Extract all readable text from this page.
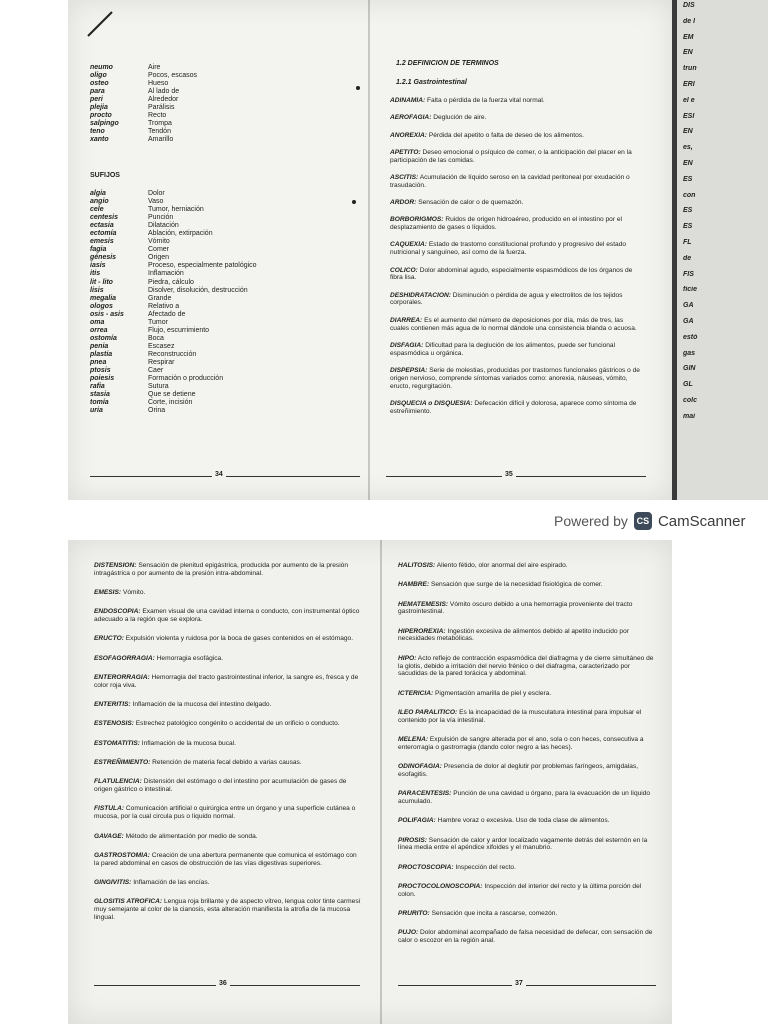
neumo
oligo
osteo
para
peri
plejia
procto
salpingo
teno
xanto
Aire
Pocos, escasos
Hueso
Al lado de
Alrededor
Parálisis
Recto
Trompa
Tendón
Amarillo
SUFIJOS
algia
angio
cele
centesis
ectasia
ectomía
emesis
fagia
génesis
iasis
itis
lit - lito
lisis
megalia
ologos
osis - asis
oma
orrea
ostomía
penia
plastia
pnea
ptosis
poiesis
rafia
stasia
tomía
uria
Dolor
Vaso
Tumor, herniación
Punción
Dilatación
Ablación, extirpación
Vómito
Comer
Origen
Proceso, especialmente patológico
Inflamación
Piedra, cálculo
Disolver, disolución, destrucción
Grande
Relativo a
Afectado de
Tumor
Flujo, escurrimiento
Boca
Escasez
Reconstrucción
Respirar
Caer
Formación o producción
Sutura
Que se detiene
Corte, incisión
Orina
34
1.2 DEFINICION DE TERMINOS
1.2.1 Gastrointestinal
ADINAMIA: Falta o pérdida de la fuerza vital normal.
AEROFAGIA: Deglución de aire.
ANOREXIA: Pérdida del apetito o falta de deseo de los alimentos.
APETITO: Deseo emocional o psíquico de comer, o la anticipación del placer en la participación de las comidas.
ASCITIS: Acumulación de líquido seroso en la cavidad peritoneal por exudación o trasudación.
ARDOR: Sensación de calor o de quemazón.
BORBORIGMOS: Ruidos de origen hidroaéreo, producido en el intestino por el desplazamiento de gases o líquidos.
CAQUEXIA: Estado de trastorno constitucional profundo y progresivo del estado nutricional y sanguíneo, así como de la fuerza.
COLICO: Dolor abdominal agudo, especialmente espasmódicos de los órganos de fibra lisa.
DESHIDRATACION: Disminución o pérdida de agua y electrolitos de los tejidos corporales.
DIARREA: Es el aumento del número de deposiciones por día, más de tres, las cuales contienen más agua de lo normal dándole una consistencia blanda o acuosa.
DISFAGIA: Dificultad para la deglución de los alimentos, puede ser funcional espasmódica u orgánica.
DISPEPSIA: Serie de molestias, producidas por trastornos funcionales gástricos o de origen nervioso, comprende síntomas variados como: anorexia, náuseas, vómito, eructo, regurgitación.
DISQUECIA o DISQUESIA: Defecación difícil y dolorosa, aparece como síntoma de estreñimiento.
35
DIS
de l
EM
EN
trun
ERI
el e
ESI
EN
es,
EN
ES
con
ES
ES
FL
de
FIS
ficie
GA
GA
estó
gas
GIN
GL
colc
mai
Powered by CS CamScanner
DISTENSION: Sensación de plenitud epigástrica, producida por aumento de la presión intragástrica o por aumento de la presión intra-abdominal.
EMESIS: Vómito.
ENDOSCOPIA: Examen visual de una cavidad interna o conducto, con instrumental óptico adecuado a la región que se explora.
ERUCTO: Expulsión violenta y ruidosa por la boca de gases contenidos en el estómago.
ESOFAGORRAGIA: Hemorragia esofágica.
ENTERORRAGIA: Hemorragia del tracto gastrointestinal inferior, la sangre es, fresca y de color roja viva.
ENTERITIS: Inflamación de la mucosa del intestino delgado.
ESTENOSIS: Estrechez patológico congénito o accidental de un orificio o conducto.
ESTOMATITIS: Inflamación de la mucosa bucal.
ESTREÑIMIENTO: Retención de materia fecal debido a varias causas.
FLATULENCIA: Distensión del estómago o del intestino por acumulación de gases de origen gástrico o intestinal.
FISTULA: Comunicación artificial o quirúrgica entre un órgano y una superficie cutánea o mucosa, por la cual circula pus o líquido normal.
GAVAGE: Método de alimentación por medio de sonda.
GASTROSTOMIA: Creación de una abertura permanente que comunica el estómago con la pared abdominal en casos de obstrucción de las vías digestivas superiores.
GINGIVITIS: Inflamación de las encías.
GLOSITIS ATROFICA: Lengua roja brillante y de aspecto vítreo, lengua color tinte carmesí muy semejante al color de la cianosis, esta alteración manifiesta la atrofia de la mucosa lingual.
36
HALITOSIS: Aliento fétido, olor anormal del aire espirado.
HAMBRE: Sensación que surge de la necesidad fisiológica de comer.
HEMATEMESIS: Vómito oscuro debido a una hemorragia proveniente del tracto gastrointestinal.
HIPEROREXIA: Ingestión excesiva de alimentos debido al apetito inducido por necesidades metabólicas.
HIPO: Acto reflejo de contracción espasmódica del diafragma y de cierre simultáneo de la glotis, debido a irritación del nervio frénico o del diafragma, caracterizado por sacudidas de la pared torácica y abdominal.
ICTERICIA: Pigmentación amarilla de piel y esclera.
ILEO PARALITICO: Es la incapacidad de la musculatura intestinal para impulsar el contenido por la vía intestinal.
MELENA: Expulsión de sangre alterada por el ano, sola o con heces, consecutiva a enterorragia o gastrorragia (dando color negro a las heces).
ODINOFAGIA: Presencia de dolor al deglutir por problemas faríngeos, amigdalas, esofagitis.
PARACENTESIS: Punción de una cavidad u órgano, para la evacuación de un líquido acumulado.
POLIFAGIA: Hambre voraz o excesiva. Uso de toda clase de alimentos.
PIROSIS: Sensación de calor y ardor localizado vagamente detrás del esternón en la línea media entre el apéndice xifoides y el manubrio.
PROCTOSCOPIA: Inspección del recto.
PROCTOCOLONOSCOPIA: Inspección del interior del recto y la última porción del colon.
PRURITO: Sensación que incita a rascarse, comezón.
PUJO: Dolor abdominal acompañado de falsa necesidad de defecar, con sensación de calor o escozor en la región anal.
37
